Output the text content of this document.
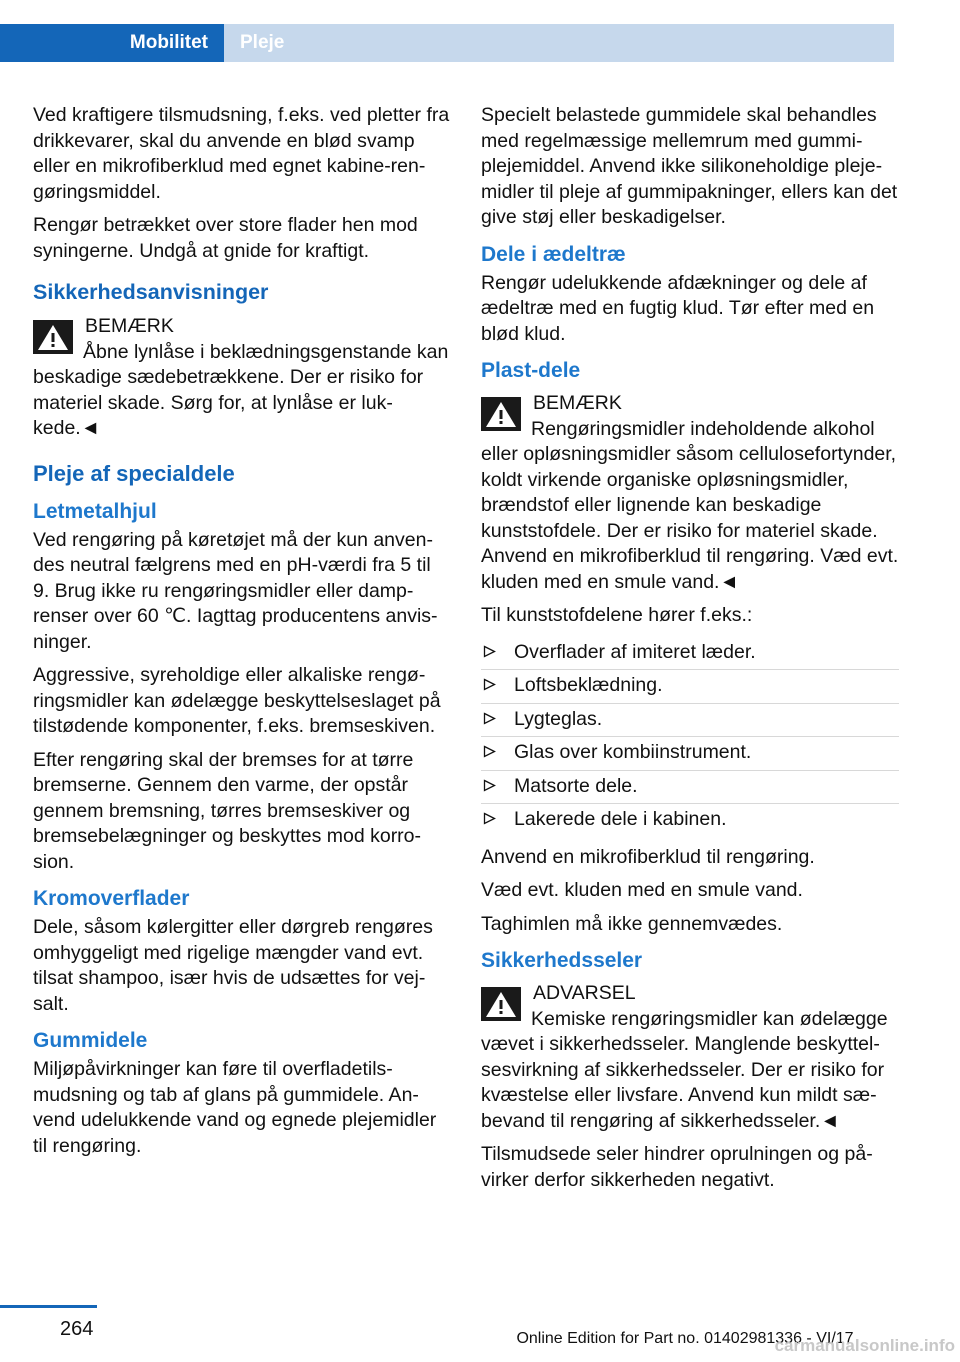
Mobilitet	Pleje

Ved kraftigere tilsmudsning, f.eks. ved pletter fra drikkevarer, skal du anvende en blød svamp eller en mikrofiberklud med egnet kabine-rengøringsmiddel.

Rengør betrækket over store flader hen mod syningerne. Undgå at gnide for kraftigt.

Sikkerhedsanvisninger
BEMÆRK
Åbne lynlåse i beklædningsgenstande kan beskadige sædebetrækkene. Der er risiko for materiel skade. Sørg for, at lynlåse er lukkede.◄
Pleje af specialdele
Letmetalhjul

Ved rengøring på køretøjet må der kun anvendes neutral fælgrens med en pH-værdi fra 5 til 9. Brug ikke ru rengøringsmidler eller damprenser over 60 ℃. Iagttag producentens anvisninger.

Aggressive, syreholdige eller alkaliske rengøringsmidler kan ødelægge beskyttelseslaget på tilstødende komponenter, f.eks. bremseskiven.

Efter rengøring skal der bremses for at tørre bremserne. Gennem den varme, der opstår gennem bremsning, tørres bremseskiver og bremsebelægninger og beskyttes mod korrosion.

Kromoverflader

Dele, såsom kølergitter eller dørgreb rengøres omhyggeligt med rigelige mængder vand evt. tilsat shampoo, især hvis de udsættes for vejsalt.

Gummidele

Miljøpåvirkninger kan føre til overfladetilsmudsning og tab af glans på gummidele. Anvend udelukkende vand og egnede plejemidler til rengøring.

Specielt belastede gummidele skal behandles med regelmæssige mellemrum med gummiplejemiddel. Anvend ikke silikoneholdige plejemidler til pleje af gummipakninger, ellers kan det give støj eller beskadigelser.

Dele i ædeltræ

Rengør udelukkende afdækninger og dele af ædeltræ med en fugtig klud. Tør efter med en blød klud.

Plast-dele
BEMÆRK
Rengøringsmidler indeholdende alkohol eller opløsningsmidler såsom cellulosefortynder, koldt virkende organiske opløsningsmidler, brændstof eller lignende kan beskadige kunststofdele. Der er risiko for materiel skade. Anvend en mikrofiberklud til rengøring. Væd evt. kluden med en smule vand.◄

Til kunststofdelene hører f.eks.:

Overflader af imiteret læder.
Loftsbeklædning.
Lygteglas.
Glas over kombiinstrument.
Matsorte dele.
Lakerede dele i kabinen.

Anvend en mikrofiberklud til rengøring.

Væd evt. kluden med en smule vand.

Taghimlen må ikke gennemvædes.

Sikkerhedsseler
ADVARSEL
Kemiske rengøringsmidler kan ødelægge vævet i sikkerhedsseler. Manglende beskyttelsesvirkning af sikkerhedsseler. Der er risiko for kvæstelse eller livsfare. Anvend kun mildt sæbevand til rengøring af sikkerhedsseler.◄

Tilsmudsede seler hindrer oprulningen og påvirker derfor sikkerheden negativt.

264	Online Edition for Part no. 01402981336 - VI/17
carmanualsonline.info
